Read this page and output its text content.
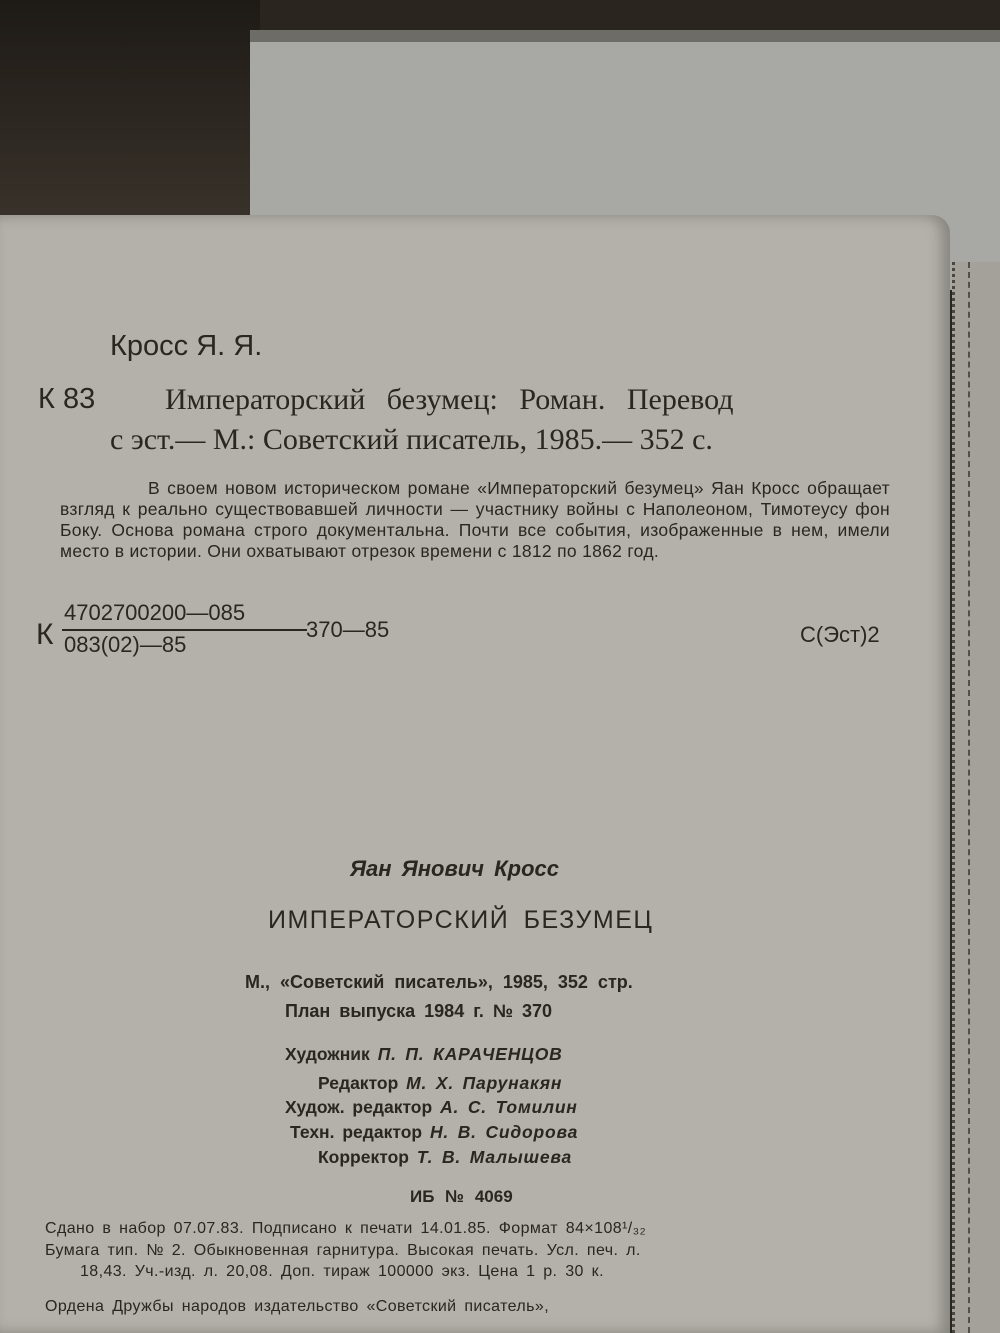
Кросс Я. Я.
К 83 Императорский безумец: Роман. Перевод
с эст.— М.: Советский писатель, 1985.— 352 с.
В своем новом историческом романе «Императорский безумец» Яан Кросс обращает взгляд к реально существовавшей личности — участнику войны с Наполеоном, Тимотеусу фон Боку. Основа романа строго документальна. Почти все события, изображенные в нем, имели место в истории. Они охватывают отрезок времени с 1812 по 1862 год.
К
4702700200—085
083(02)—85
370—85	С(Эст)2
Яан Янович Кросс
ИМПЕРАТОРСКИЙ БЕЗУМЕЦ
М., «Советский писатель», 1985, 352 стр.
План выпуска 1984 г. № 370
Художник П. П. КАРАЧЕНЦОВ
Редактор М. Х. Парунакян
Худож. редактор А. С. Томилин
Техн. редактор Н. В. Сидорова
Корректор Т. В. Малышева
ИБ № 4069
Сдано в набор 07.07.83. Подписано к печати 14.01.85. Формат 84×108¹/₃₂
Бумага тип. № 2. Обыкновенная гарнитура. Высокая печать. Усл. печ. л.
18,43. Уч.-изд. л. 20,08. Доп. тираж 100000 экз. Цена 1 р. 30 к.
Ордена Дружбы народов издательство «Советский писатель»,
